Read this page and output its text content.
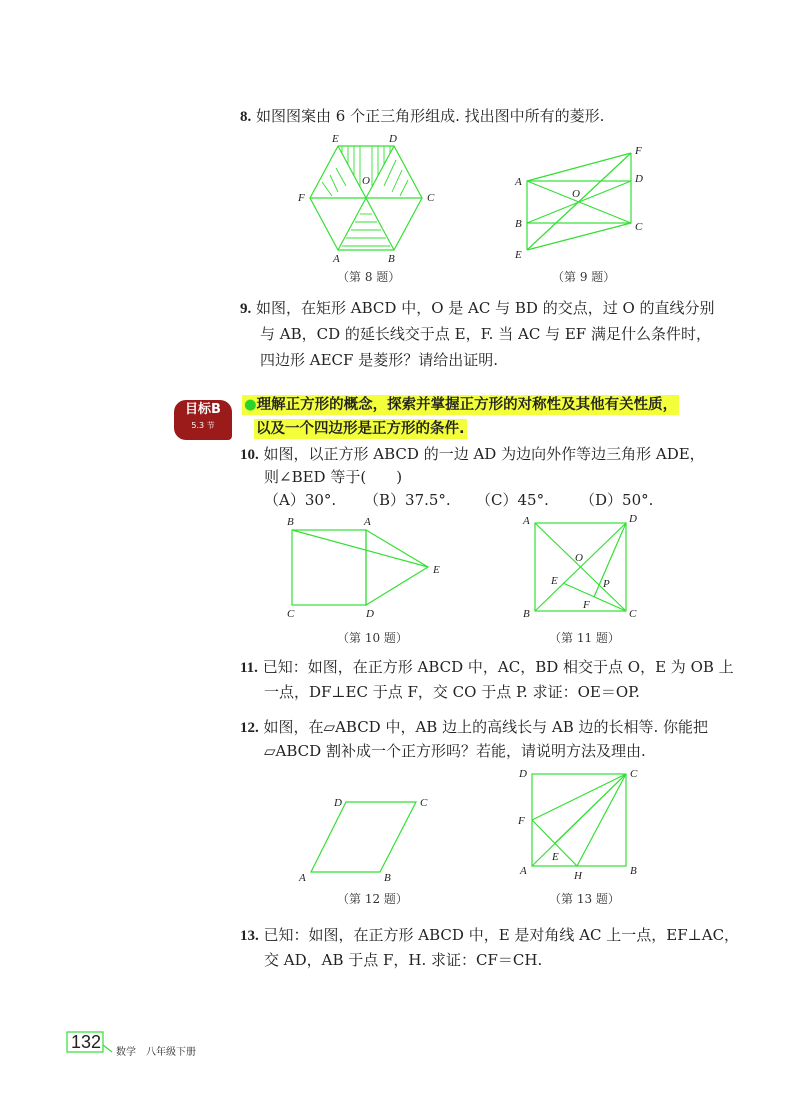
8. 如图图案由 6 个正三角形组成. 找出图中所有的菱形.
E	D
F
O
C
A	B
F
A	D
O
B	C
E
B	A
E
C	D
A	D
O
E	P
F
B	C
D	C
A	B
D	C
F
E
A	H	B
（第 8 题）	（第 9 题）
9. 如图，在矩形 ABCD 中，O 是 AC 与 BD 的交点，过 O 的直线分别
与 AB，CD 的延长线交于点 E，F. 当 AC 与 EF 满足什么条件时，
四边形 AECF 是菱形？请给出证明.
目标B
5.3 节
●理解正方形的概念，探索并掌握正方形的对称性及其他有关性质，
以及一个四边形是正方形的条件.
10. 如图，以正方形 ABCD 的一边 AD 为边向外作等边三角形 ADE，
则∠BED 等于(　　)
（A）30°. （B）37.5°. （C）45°. （D）50°.
（第 10 题）	（第 11 题）
11. 已知：如图，在正方形 ABCD 中，AC，BD 相交于点 O，E 为 OB 上
一点，DF⊥EC 于点 F，交 CO 于点 P. 求证：OE＝OP.
12. 如图，在▱ABCD 中，AB 边上的高线长与 AB 边的长相等. 你能把
▱ABCD 割补成一个正方形吗？若能，请说明方法及理由.
（第 12 题）	（第 13 题）
13. 已知：如图，在正方形 ABCD 中，E 是对角线 AC 上一点，EF⊥AC，
交 AD，AB 于点 F，H. 求证：CF＝CH.
132
数学　八年级下册
